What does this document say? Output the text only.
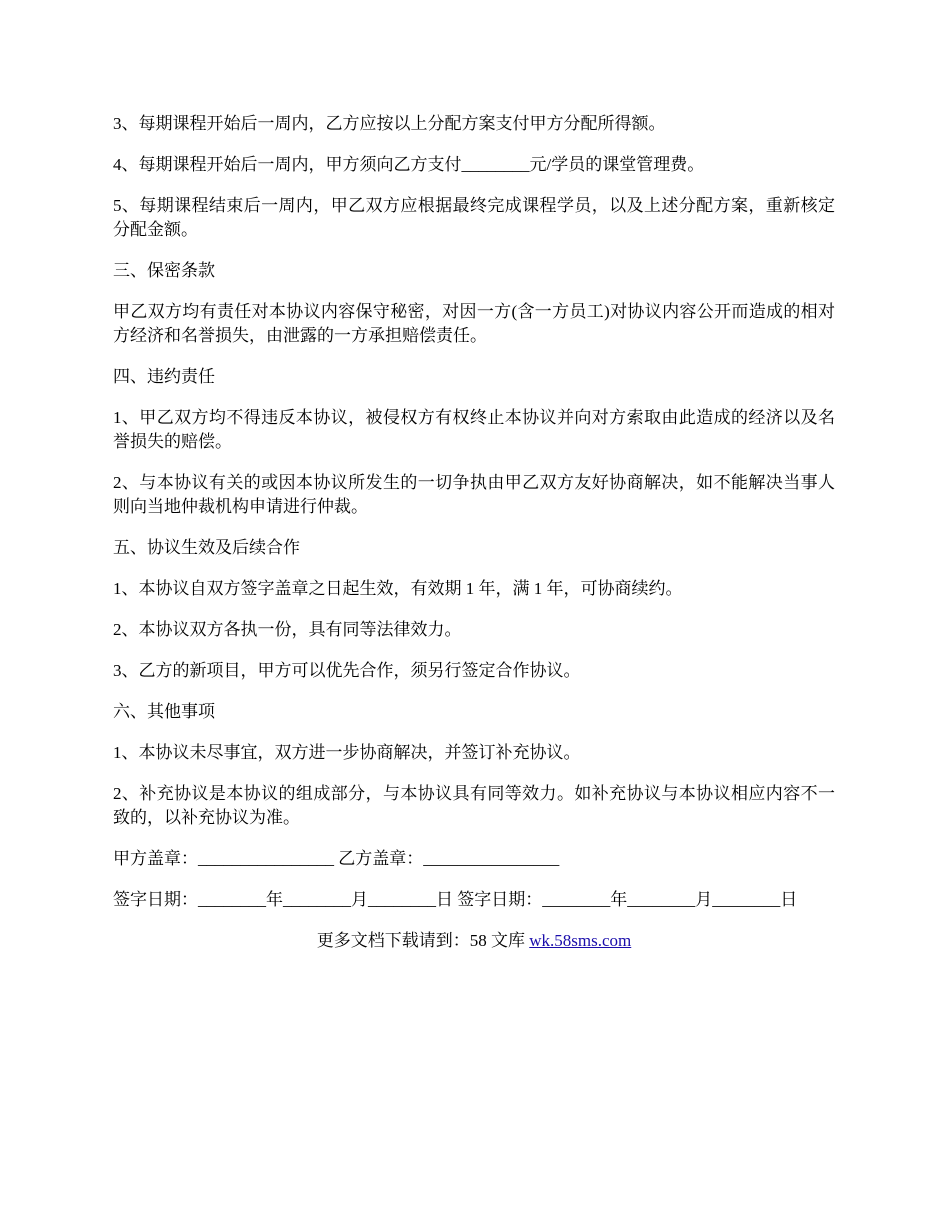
3、每期课程开始后一周内，乙方应按以上分配方案支付甲方分配所得额。

4、每期课程开始后一周内，甲方须向乙方支付________元/学员的课堂管理费。

5、每期课程结束后一周内，甲乙双方应根据最终完成课程学员，以及上述分配方案，重新核定分配金额。

三、保密条款

甲乙双方均有责任对本协议内容保守秘密，对因一方(含一方员工)对协议内容公开而造成的相对方经济和名誉损失，由泄露的一方承担赔偿责任。

四、违约责任

1、甲乙双方均不得违反本协议，被侵权方有权终止本协议并向对方索取由此造成的经济以及名誉损失的赔偿。

2、与本协议有关的或因本协议所发生的一切争执由甲乙双方友好协商解决，如不能解决当事人则向当地仲裁机构申请进行仲裁。

五、协议生效及后续合作

1、本协议自双方签字盖章之日起生效，有效期 1 年，满 1 年，可协商续约。

2、本协议双方各执一份，具有同等法律效力。

3、乙方的新项目，甲方可以优先合作，须另行签定合作协议。

六、其他事项

1、本协议未尽事宜，双方进一步协商解决，并签订补充协议。

2、补充协议是本协议的组成部分，与本协议具有同等效力。如补充协议与本协议相应内容不一致的，以补充协议为准。

甲方盖章：________________ 乙方盖章：________________

签字日期：________年________月________日 签字日期：________年________月________日

更多文档下载请到：58 文库 wk.58sms.com
